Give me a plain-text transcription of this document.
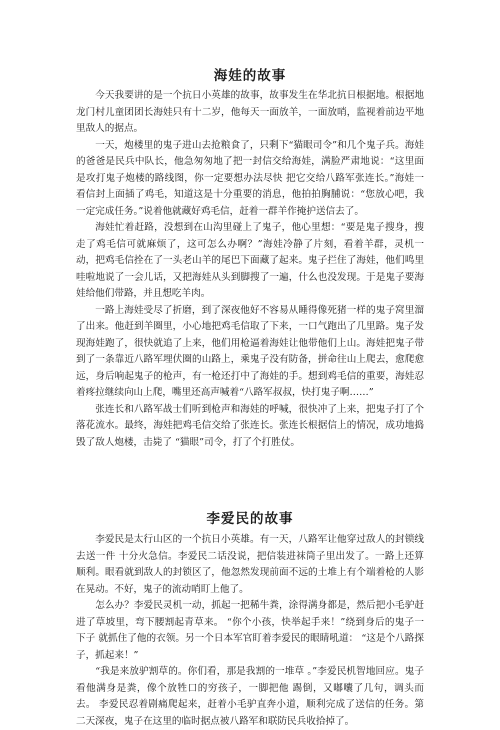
海娃的故事

今天我要讲的是一个抗日小英雄的故事，故事发生在华北抗日根据地。根据地龙门村儿童团团长海娃只有十二岁，他每天一面放羊，一面放哨，监视着前边平地里敌人的据点。

一天，炮楼里的鬼子进山去抢粮食了，只剩下“猫眼司令”和几个鬼子兵。海娃的爸爸是民兵中队长，他急匆匆地了把一封信交给海娃，满脸严肃地说：“这里面是攻打鬼子炮楼的路线图，你一定要想办法尽快 把它交给八路军张连长。”海娃一看信封上面插了鸡毛，知道这是十分重要的消息，他拍拍胸脯说：“您放心吧，我一定完成任务。”说着他就藏好鸡毛信，赶着一群羊作掩护送信去了。

海娃忙着赶路，没想到在山沟里碰上了鬼子，他心里想：“要是鬼子搜身，搜走了鸡毛信可就麻烦了，这可怎么办啊？”海娃冷静了片刻，看着羊群，灵机一动，把鸡毛信拴在了一头老山羊的尾巴下面藏了起来。鬼子拦住了海娃，他们鸣里哇啦地说了一会儿话，又把海娃从头到脚搜了一遍，什么也没发现。于是鬼子要海娃给他们带路，并且想吃羊肉。

一路上海娃受尽了折磨，到了深夜他好不容易从睡得像死猪一样的鬼子窝里溜了出来。他赶到羊圈里，小心地把鸡毛信取了下来，一口气跑出了几里路。鬼子发现海娃跑了，很快就追了上来，他们用枪逼着海娃让他带他们上山。海娃把鬼子带到了一条靠近八路军埋伏圈的山路上，乘鬼子没有防备，拼命往山上爬去，愈爬愈远，身后响起鬼子的枪声，有一枪还打中了海娃的手。想到鸡毛信的重要，海娃忍着疼拉继续向山上爬，嘴里还高声喊着“八路军叔叔，快打鬼子啊……”

张连长和八路军战士们听到枪声和海娃的呼喊，很快冲了上来，把鬼子打了个落花流水。最终，海娃把鸡毛信交给了张连长。张连长根据信上的情况，成功地捣毁了敌人炮楼，击毙了 “猫眼”司令，打了个打胜仗。

李爱民的故事

李爱民是太行山区的一个抗日小英雄。有一天，八路军让他穿过敌人的封锁线去送一件 十分火急信。李爱民二话没说，把信装进袜筒子里出发了。一路上还算顺利。眼看就到敌人的封锁区了，他忽然发现前面不远的土堆上有个端着枪的人影在晃动。不好，鬼子的流动哨盯上他了。

怎么办？李爱民灵机一动，抓起一把稀牛粪，涂得满身都是，然后把小毛驴赶进了草坡里，弯下腰割起青草来。 “你个小孩，快举起手来！”绕到身后的鬼子一下子 就抓住了他的衣领。另一个日本军官盯着李爱民的眼睛吼道： “这是个八路探子，抓起来！”

“我是来放驴割草的。你们看，那是我割的一堆草 。”李爱民机智地回应。鬼子看他满身是粪，像个放牲口的穷孩子，一脚把他 踢倒，又嘟囔了几句，调头而去。 李爱民忍着剧痛爬起来，赶着小毛驴直奔小道，顺利完成了送信的任务。第二天深夜，鬼子在这里的临时据点被八路军和联防民兵收拾掉了。
